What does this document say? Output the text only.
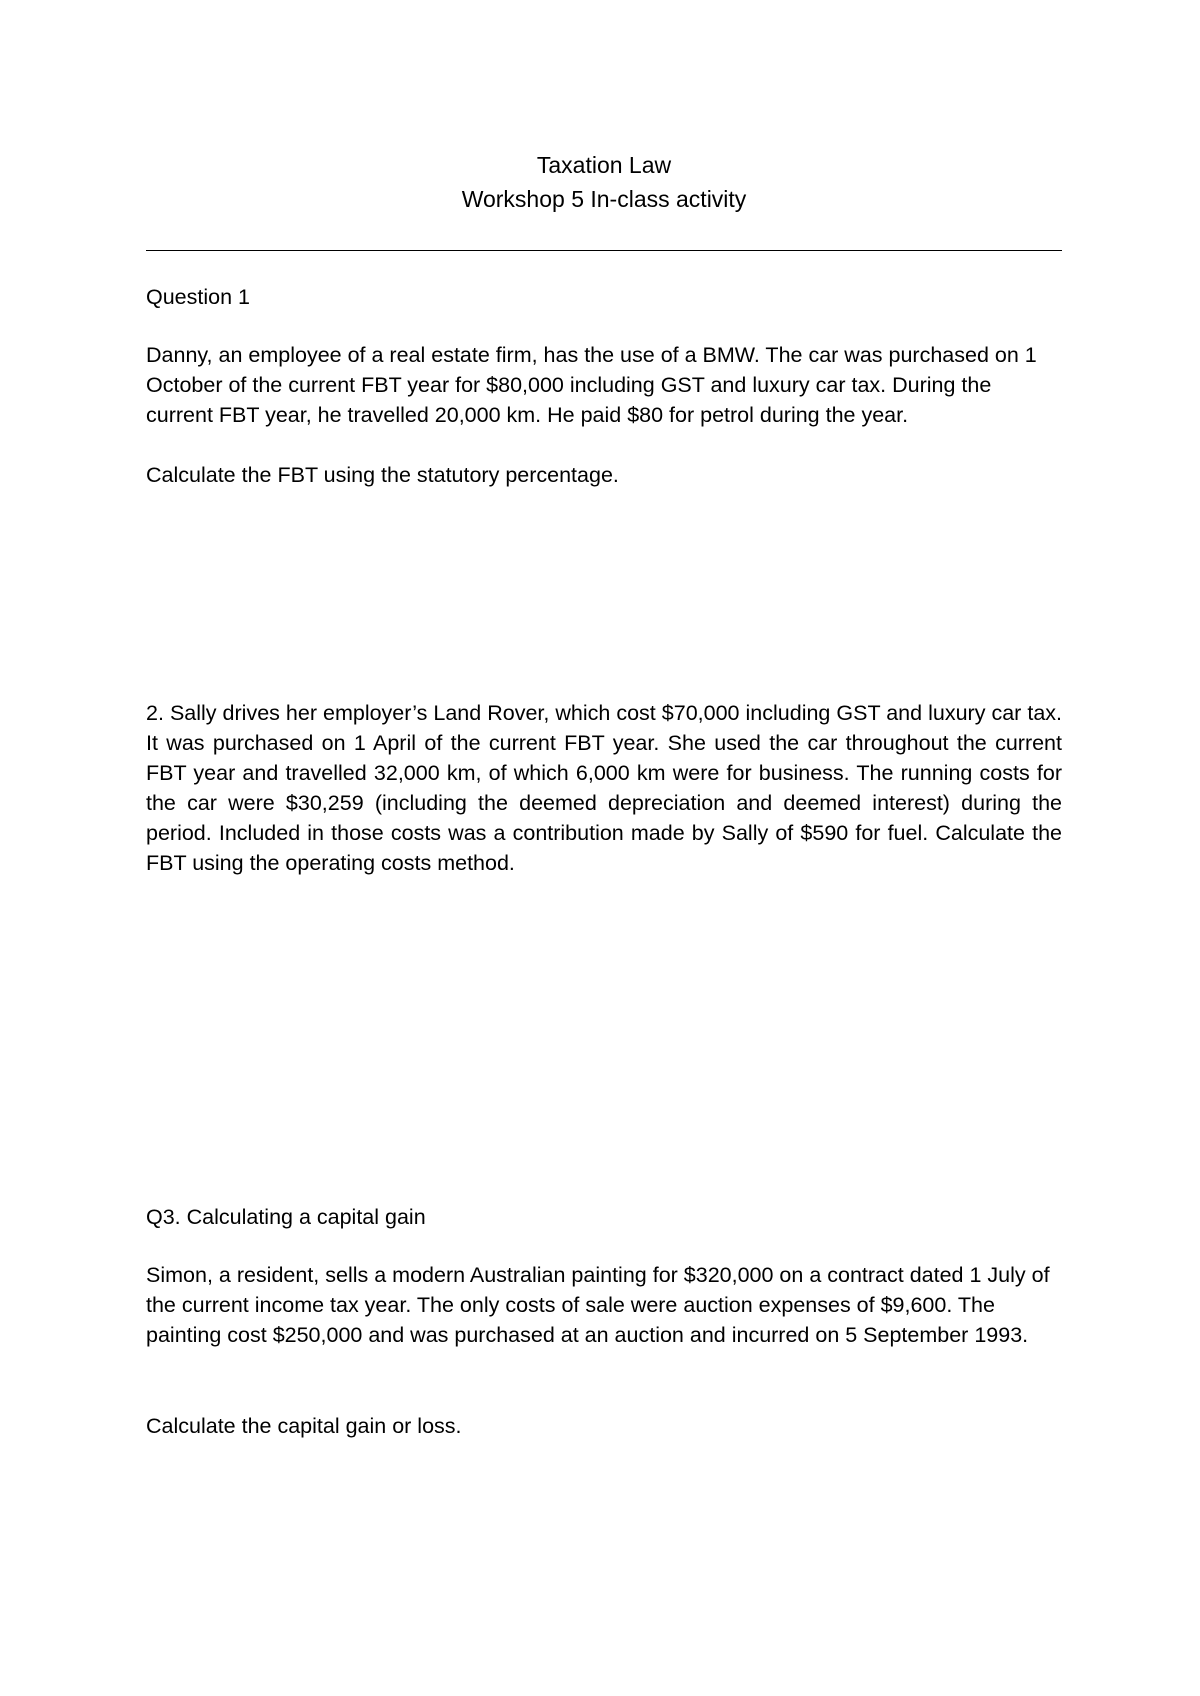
Taxation Law
Workshop 5 In-class activity

Question 1

Danny, an employee of a real estate firm, has the use of a BMW. The car was purchased on 1 October of the current FBT year for $80,000 including GST and luxury car tax. During the current FBT year, he travelled 20,000 km. He paid $80 for petrol during the year.

Calculate the FBT using the statutory percentage.

2. Sally drives her employer’s Land Rover, which cost $70,000 including GST and luxury car tax. It was purchased on 1 April of the current FBT year. She used the car throughout the current FBT year and travelled 32,000 km, of which 6,000 km were for business. The running costs for the car were $30,259 (including the deemed depreciation and deemed interest) during the period. Included in those costs was a contribution made by Sally of $590 for fuel. Calculate the FBT using the operating costs method.

Q3. Calculating a capital gain

Simon, a resident, sells a modern Australian painting for $320,000 on a contract dated 1 July of the current income tax year. The only costs of sale were auction expenses of $9,600. The painting cost $250,000 and was purchased at an auction and incurred on 5 September 1993.

Calculate the capital gain or loss.
